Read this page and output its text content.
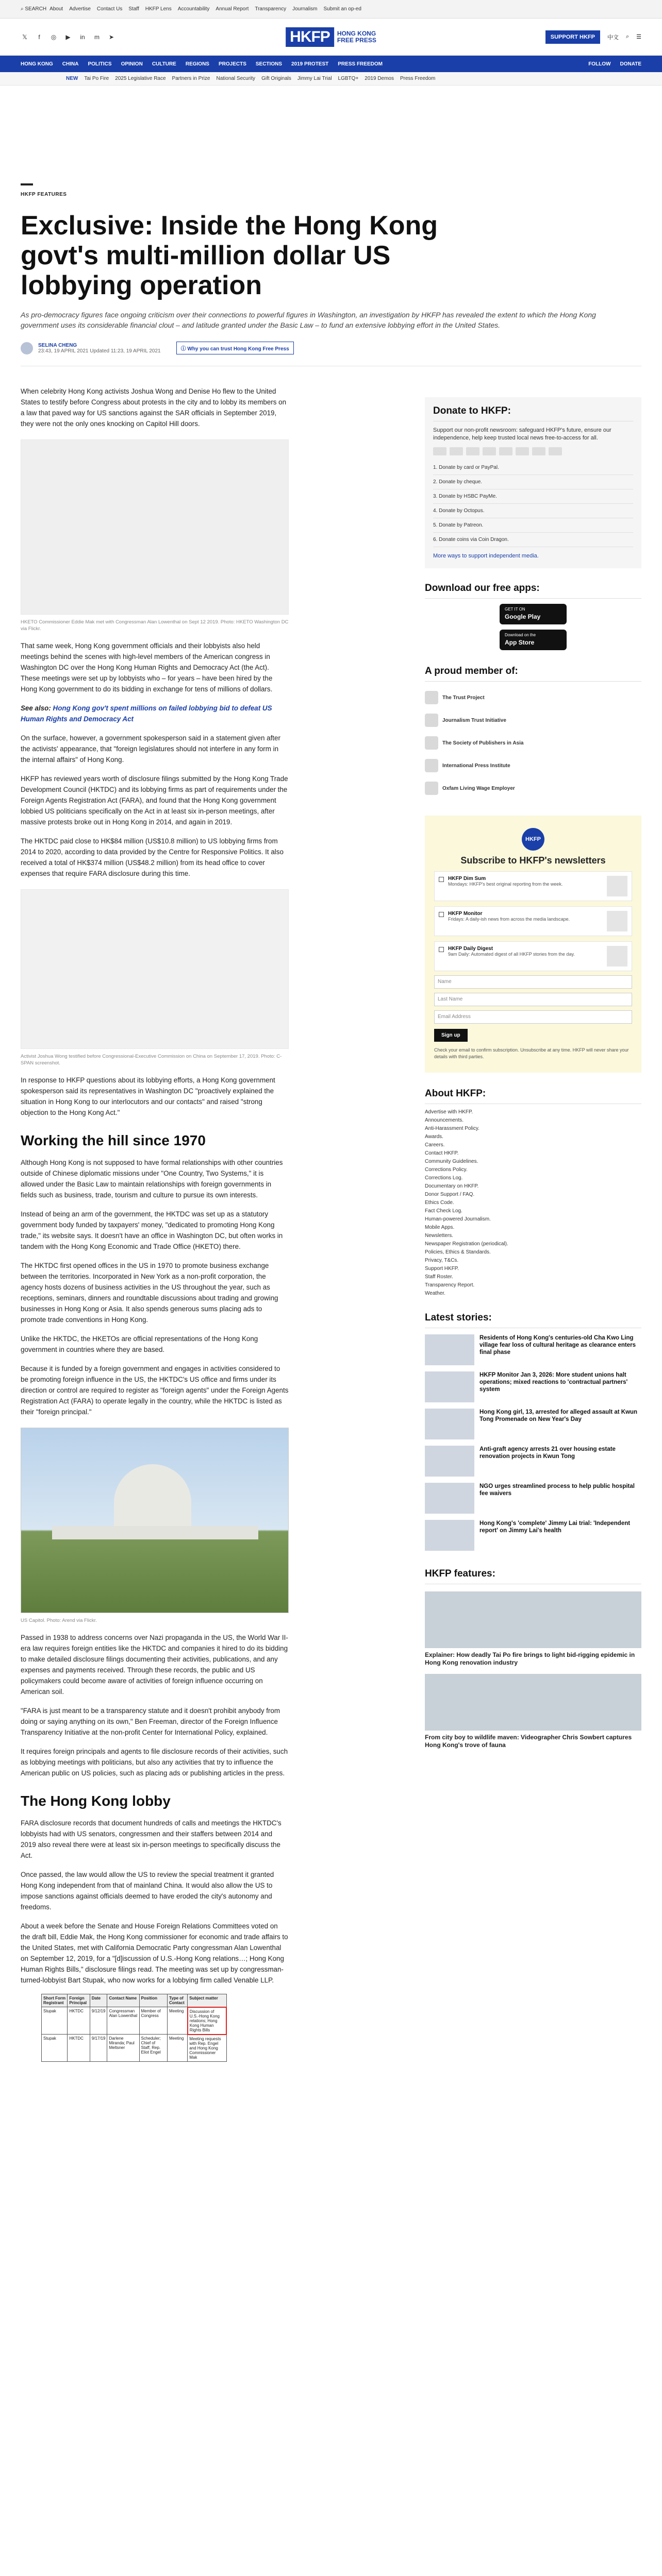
⌕ SEARCH About Advertise Contact Us Staff HKFP Lens Accountability Annual Report Transparency Journalism Submit an op-ed
𝕏	f	◎ ▶ in m ➤	HKFP	HONG KONG
FREE PRESS	SUPPORT HKFP	中文 ⌕ ☰
HONG KONG CHINA POLITICS OPINION CULTURE REGIONS PROJECTS SECTIONS 2019 PROTEST PRESS FREEDOM	FOLLOW DONATE
NEW Tai Po Fire 2025 Legislative Race Partners in Prize National Security Gift Originals Jimmy Lai Trial LGBTQ+ 2019 Demos Press Freedom
HKFP FEATURES
Exclusive: Inside the Hong Kong govt's multi-million dollar US lobbying operation
As pro-democracy figures face ongoing criticism over their connections to powerful figures in Washington, an investigation by HKFP has revealed the extent to which the Hong Kong government uses its considerable financial clout – and latitude granted under the Basic Law – to fund an extensive lobbying effort in the United States.
SELINA CHENG
23:43, 19 APRIL 2021 Updated 11:23, 19 APRIL 2021	ⓘ Why you can trust Hong Kong Free Press

When celebrity Hong Kong activists Joshua Wong and Denise Ho flew to the United States to testify before Congress about protests in the city and to lobby its members on a law that paved way for US sanctions against the SAR officials in September 2019, they were not the only ones knocking on Capitol Hill doors.

HKETO Commissioner Eddie Mak met with Congressman Alan Lowenthal on Sept 12 2019. Photo: HKETO Washington DC via Flickr.

That same week, Hong Kong government officials and their lobbyists also held meetings behind the scenes with high-level members of the American congress in Washington DC over the Hong Kong Human Rights and Democracy Act (the Act). These meetings were set up by lobbyists who – for years – have been hired by the Hong Kong government to do its bidding in exchange for tens of millions of dollars.

See also: Hong Kong gov't spent millions on failed lobbying bid to defeat US Human Rights and Democracy Act

On the surface, however, a government spokesperson said in a statement given after the activists' appearance, that "foreign legislatures should not interfere in any form in the internal affairs" of Hong Kong.

HKFP has reviewed years worth of disclosure filings submitted by the Hong Kong Trade Development Council (HKTDC) and its lobbying firms as part of requirements under the Foreign Agents Registration Act (FARA), and found that the Hong Kong government lobbied US politicians specifically on the Act in at least six in-person meetings, after massive protests broke out in Hong Kong in 2014, and again in 2019.

The HKTDC paid close to HK$84 million (US$10.8 million) to US lobbying firms from 2014 to 2020, according to data provided by the Centre for Responsive Politics. It also received a total of HK$374 million (US$48.2 million) from its head office to cover expenses that require FARA disclosure during this time.

Activist Joshua Wong testified before Congressional-Executive Commission on China on September 17, 2019. Photo: C-SPAN screenshot.

In response to HKFP questions about its lobbying efforts, a Hong Kong government spokesperson said its representatives in Washington DC "proactively explained the situation in Hong Kong to our interlocutors and our contacts" and raised "strong objection to the Hong Kong Act."

Working the hill since 1970

Although Hong Kong is not supposed to have formal relationships with other countries outside of Chinese diplomatic missions under "One Country, Two Systems," it is allowed under the Basic Law to maintain relationships with foreign governments in fields such as business, trade, tourism and culture to pursue its own interests.

Instead of being an arm of the government, the HKTDC was set up as a statutory government body funded by taxpayers' money, "dedicated to promoting Hong Kong trade," its website says. It doesn't have an office in Washington DC, but often works in tandem with the Hong Kong Economic and Trade Office (HKETO) there.

The HKTDC first opened offices in the US in 1970 to promote business exchange between the territories. Incorporated in New York as a non-profit corporation, the agency hosts dozens of business activities in the US throughout the year, such as receptions, seminars, dinners and roundtable discussions about trading and growing businesses in Hong Kong or Asia. It also spends generous sums placing ads to promote trade conventions in Hong Kong.

Unlike the HKTDC, the HKETOs are official representations of the Hong Kong government in countries where they are based.

Because it is funded by a foreign government and engages in activities considered to be promoting foreign influence in the US, the HKTDC's US office and firms under its direction or control are required to register as "foreign agents" under the Foreign Agents Registration Act (FARA) to operate legally in the country, while the HKTDC is listed as their "foreign principal."

US Capitol. Photo: Arend via Flickr.

Passed in 1938 to address concerns over Nazi propaganda in the US, the World War II-era law requires foreign entities like the HKTDC and companies it hired to do its bidding to make detailed disclosure filings documenting their activities, publications, and any expenses and payments received. Through these records, the public and US policymakers could become aware of activities of foreign influence occurring on American soil.

"FARA is just meant to be a transparency statute and it doesn't prohibit anybody from doing or saying anything on its own," Ben Freeman, director of the Foreign Influence Transparency Initiative at the non-profit Center for International Policy, explained.

It requires foreign principals and agents to file disclosure records of their activities, such as lobbying meetings with politicians, but also any activities that try to influence the American public on US policies, such as placing ads or publishing articles in the press.

The Hong Kong lobby

FARA disclosure records that document hundreds of calls and meetings the HKTDC's lobbyists had with US senators, congressmen and their staffers between 2014 and 2019 also reveal there were at least six in-person meetings to specifically discuss the Act.

Once passed, the law would allow the US to review the special treatment it granted Hong Kong independent from that of mainland China. It would also allow the US to impose sanctions against officials deemed to have eroded the city's autonomy and freedoms.

About a week before the Senate and House Foreign Relations Committees voted on the draft bill, Eddie Mak, the Hong Kong commissioner for economic and trade affairs to the United States, met with California Democratic Party congressman Alan Lowenthal on September 12, 2019, for a "[d]iscussion of U.S.-Hong Kong relations…; Hong Kong Human Rights Bills," disclosure filings read. The meeting was set up by congressman-turned-lobbyist Bart Stupak, who now works for a lobbying firm called Venable LLP.

Short Form Registrant	Foreign Principal	Date	Contact Name	Position	Type of Contact	Subject matter
Stupak	HKTDC	9/12/19	Congressman Alan Lowenthal	Member of Congress	Meeting	Discussion of U.S.-Hong Kong relations; Hong Kong Human Rights Bills
Stupak	HKTDC	9/17/19	Darlene Miranda; Paul Meltsner	Scheduler; Chief of Staff, Rep. Eliot Engel	Meeting	Meeting requests with Rep. Engel and Hong Kong Commissioner Mak
Donate to HKFP:

Support our non-profit newsroom: safeguard HKFP's future, ensure our independence, help keep trusted local news free-to-access for all.

1. Donate by card or PayPal.
2. Donate by cheque.
3. Donate by HSBC PayMe.
4. Donate by Octopus.
5. Donate by Patreon.
6. Donate coins via Coin Dragon.

More ways to support independent media.

Download our free apps:
GET IT ON
Google Play
Download on the
App Store
A proud member of:
The Trust Project
Journalism Trust Initiative
The Society of Publishers in Asia
International Press Institute
Oxfam Living Wage Employer
HKFP
Subscribe to HKFP's newsletters
HKFP Dim Sum
Mondays: HKFP's best original reporting from the week.
HKFP Monitor
Fridays: A daily-ish news from across the media landscape.
HKFP Daily Digest
9am Daily: Automated digest of all HKFP stories from the day.
Name
Last Name
Email Address
Sign up

Check your email to confirm subscription. Unsubscribe at any time. HKFP will never share your details with third parties.

About HKFP:
Advertise with HKFP.
Announcements.
Anti-Harassment Policy.
Awards.
Careers.
Contact HKFP.
Community Guidelines.
Corrections Policy.
Corrections Log.
Documentary on HKFP.
Donor Support / FAQ.
Ethics Code.
Fact Check Log.
Human-powered Journalism.
Mobile Apps.
Newsletters.
Newspaper Registration (periodical).
Policies, Ethics & Standards.
Privacy, T&Cs.
Support HKFP.
Staff Roster.
Transparency Report.
Weather.
Latest stories:
Residents of Hong Kong's centuries-old Cha Kwo Ling village fear loss of cultural heritage as clearance enters final phase
HKFP Monitor Jan 3, 2026: More student unions halt operations; mixed reactions to 'contractual partners' system
Hong Kong girl, 13, arrested for alleged assault at Kwun Tong Promenade on New Year's Day
Anti-graft agency arrests 21 over housing estate renovation projects in Kwun Tong
NGO urges streamlined process to help public hospital fee waivers
Hong Kong's 'complete' Jimmy Lai trial: 'Independent report' on Jimmy Lai's health
HKFP features:
Explainer: How deadly Tai Po fire brings to light bid-rigging epidemic in Hong Kong renovation industry
From city boy to wildlife maven: Videographer Chris Sowbert captures Hong Kong's trove of fauna
